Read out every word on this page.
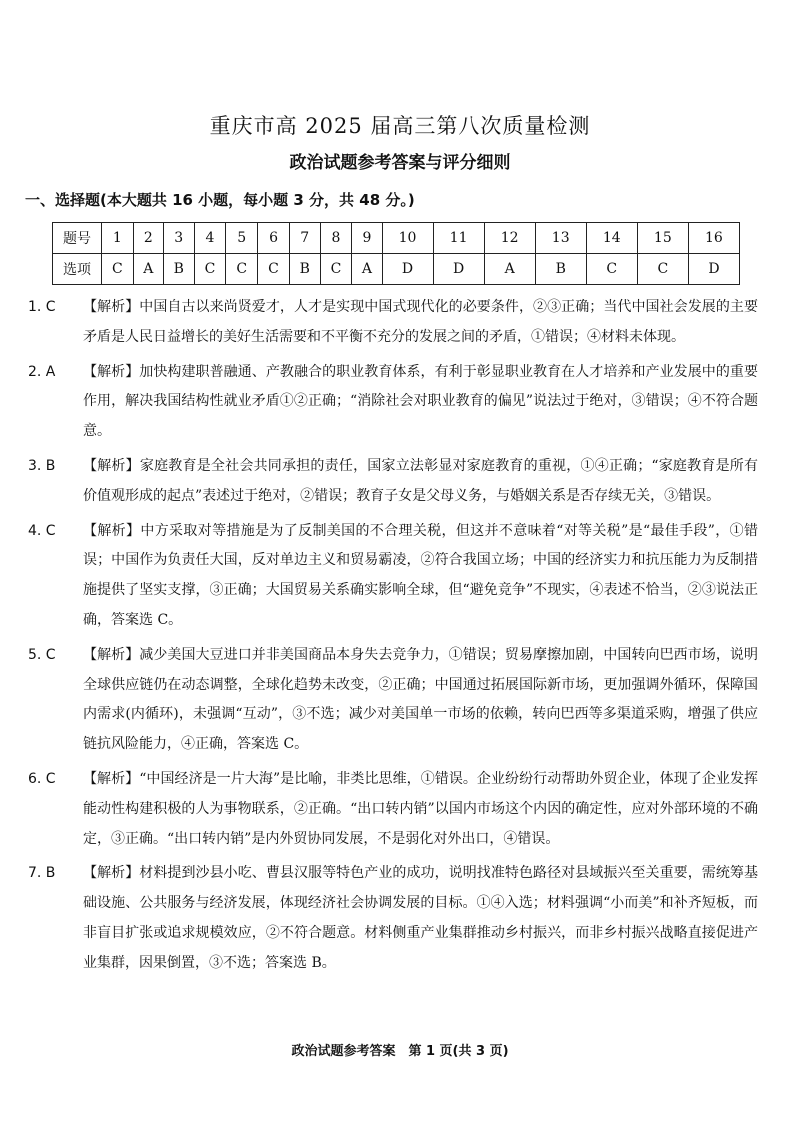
重庆市高 2025 届高三第八次质量检测
政治试题参考答案与评分细则
一、选择题(本大题共 16 小题，每小题 3 分，共 48 分。)
题号	1	2	3	4	5	6	7	8	9	10	11	12	13	14	15	16
选项	C	A	B	C	C	C	B	C	A	D	D	A	B	C	C	D
1. C	【解析】中国自古以来尚贤爱才，人才是实现中国式现代化的必要条件，②③正确；当代中国社会发展的主要矛盾是人民日益增长的美好生活需要和不平衡不充分的发展之间的矛盾，①错误；④材料未体现。
2. A	【解析】加快构建职普融通、产教融合的职业教育体系，有利于彰显职业教育在人才培养和产业发展中的重要作用，解决我国结构性就业矛盾①②正确；“消除社会对职业教育的偏见”说法过于绝对，③错误；④不符合题意。
3. B	【解析】家庭教育是全社会共同承担的责任，国家立法彰显对家庭教育的重视，①④正确；“家庭教育是所有价值观形成的起点”表述过于绝对，②错误；教育子女是父母义务，与婚姻关系是否存续无关，③错误。
4. C	【解析】中方采取对等措施是为了反制美国的不合理关税，但这并不意味着“对等关税”是“最佳手段”，①错误；中国作为负责任大国，反对单边主义和贸易霸凌，②符合我国立场；中国的经济实力和抗压能力为反制措施提供了坚实支撑，③正确；大国贸易关系确实影响全球，但“避免竞争”不现实，④表述不恰当，②③说法正确，答案选 C。
5. C	【解析】减少美国大豆进口并非美国商品本身失去竞争力，①错误；贸易摩擦加剧，中国转向巴西市场，说明全球供应链仍在动态调整，全球化趋势未改变，②正确；中国通过拓展国际新市场，更加强调外循环，保障国内需求(内循环)，未强调“互动”，③不选；减少对美国单一市场的依赖，转向巴西等多渠道采购，增强了供应链抗风险能力，④正确，答案选 C。
6. C	【解析】“中国经济是一片大海”是比喻，非类比思维，①错误。企业纷纷行动帮助外贸企业，体现了企业发挥能动性构建积极的人为事物联系，②正确。“出口转内销”以国内市场这个内因的确定性，应对外部环境的不确定，③正确。“出口转内销”是内外贸协同发展，不是弱化对外出口，④错误。
7. B	【解析】材料提到沙县小吃、曹县汉服等特色产业的成功，说明找准特色路径对县域振兴至关重要，需统筹基础设施、公共服务与经济发展，体现经济社会协调发展的目标。①④入选；材料强调“小而美”和补齐短板，而非盲目扩张或追求规模效应，②不符合题意。材料侧重产业集群推动乡村振兴，而非乡村振兴战略直接促进产业集群，因果倒置，③不选；答案选 B。
政治试题参考答案　第 1 页(共 3 页)
